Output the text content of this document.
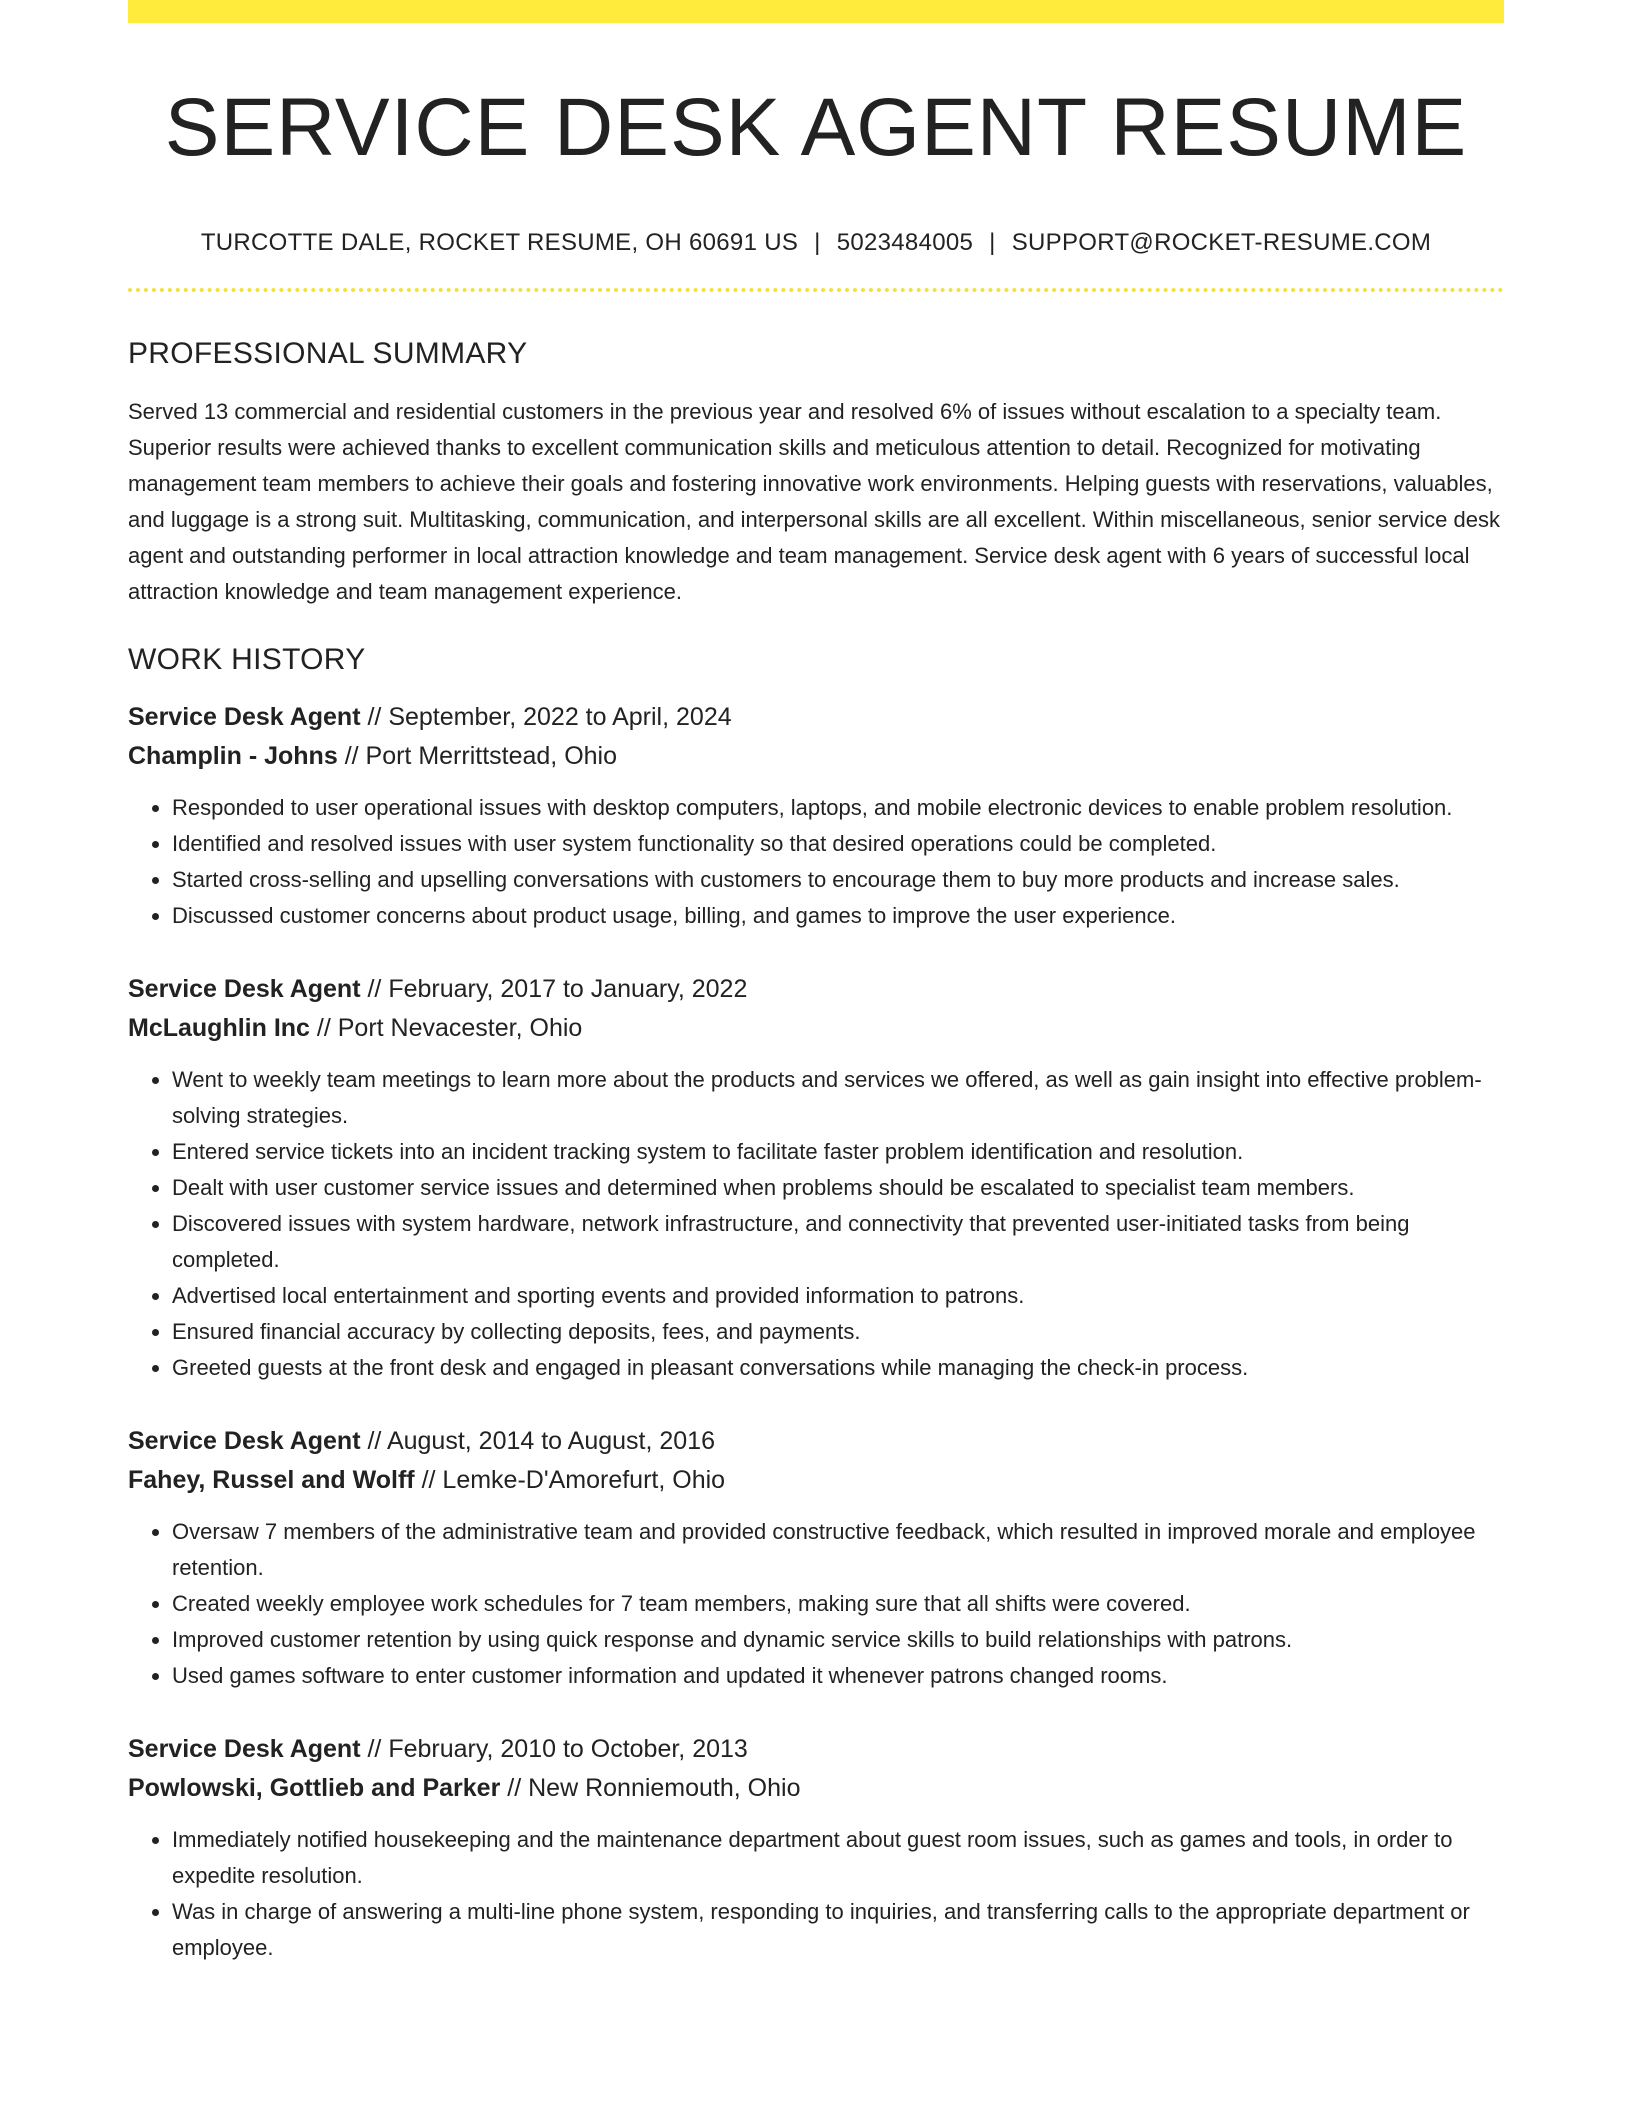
SERVICE DESK AGENT RESUME
TURCOTTE DALE, ROCKET RESUME, OH 60691 US | 5023484005 | SUPPORT@ROCKET-RESUME.COM
PROFESSIONAL SUMMARY

Served 13 commercial and residential customers in the previous year and resolved 6% of issues without escalation to a specialty team. Superior results were achieved thanks to excellent communication skills and meticulous attention to detail. Recognized for motivating management team members to achieve their goals and fostering innovative work environments. Helping guests with reservations, valuables, and luggage is a strong suit. Multitasking, communication, and interpersonal skills are all excellent. Within miscellaneous, senior service desk agent and outstanding performer in local attraction knowledge and team management. Service desk agent with 6 years of successful local attraction knowledge and team management experience.

WORK HISTORY
Service Desk Agent // September, 2022 to April, 2024
Champlin - Johns // Port Merrittstead, Ohio
• Responded to user operational issues with desktop computers, laptops, and mobile electronic devices to enable problem resolution.
• Identified and resolved issues with user system functionality so that desired operations could be completed.
• Started cross-selling and upselling conversations with customers to encourage them to buy more products and increase sales.
• Discussed customer concerns about product usage, billing, and games to improve the user experience.
Service Desk Agent // February, 2017 to January, 2022
McLaughlin Inc // Port Nevacester, Ohio
• Went to weekly team meetings to learn more about the products and services we offered, as well as gain insight into effective problem-solving strategies.
• Entered service tickets into an incident tracking system to facilitate faster problem identification and resolution.
• Dealt with user customer service issues and determined when problems should be escalated to specialist team members.
• Discovered issues with system hardware, network infrastructure, and connectivity that prevented user-initiated tasks from being completed.
• Advertised local entertainment and sporting events and provided information to patrons.
• Ensured financial accuracy by collecting deposits, fees, and payments.
• Greeted guests at the front desk and engaged in pleasant conversations while managing the check-in process.
Service Desk Agent // August, 2014 to August, 2016
Fahey, Russel and Wolff // Lemke-D'Amorefurt, Ohio
• Oversaw 7 members of the administrative team and provided constructive feedback, which resulted in improved morale and employee retention.
• Created weekly employee work schedules for 7 team members, making sure that all shifts were covered.
• Improved customer retention by using quick response and dynamic service skills to build relationships with patrons.
• Used games software to enter customer information and updated it whenever patrons changed rooms.
Service Desk Agent // February, 2010 to October, 2013
Powlowski, Gottlieb and Parker // New Ronniemouth, Ohio
• Immediately notified housekeeping and the maintenance department about guest room issues, such as games and tools, in order to expedite resolution.
• Was in charge of answering a multi-line phone system, responding to inquiries, and transferring calls to the appropriate department or employee.
